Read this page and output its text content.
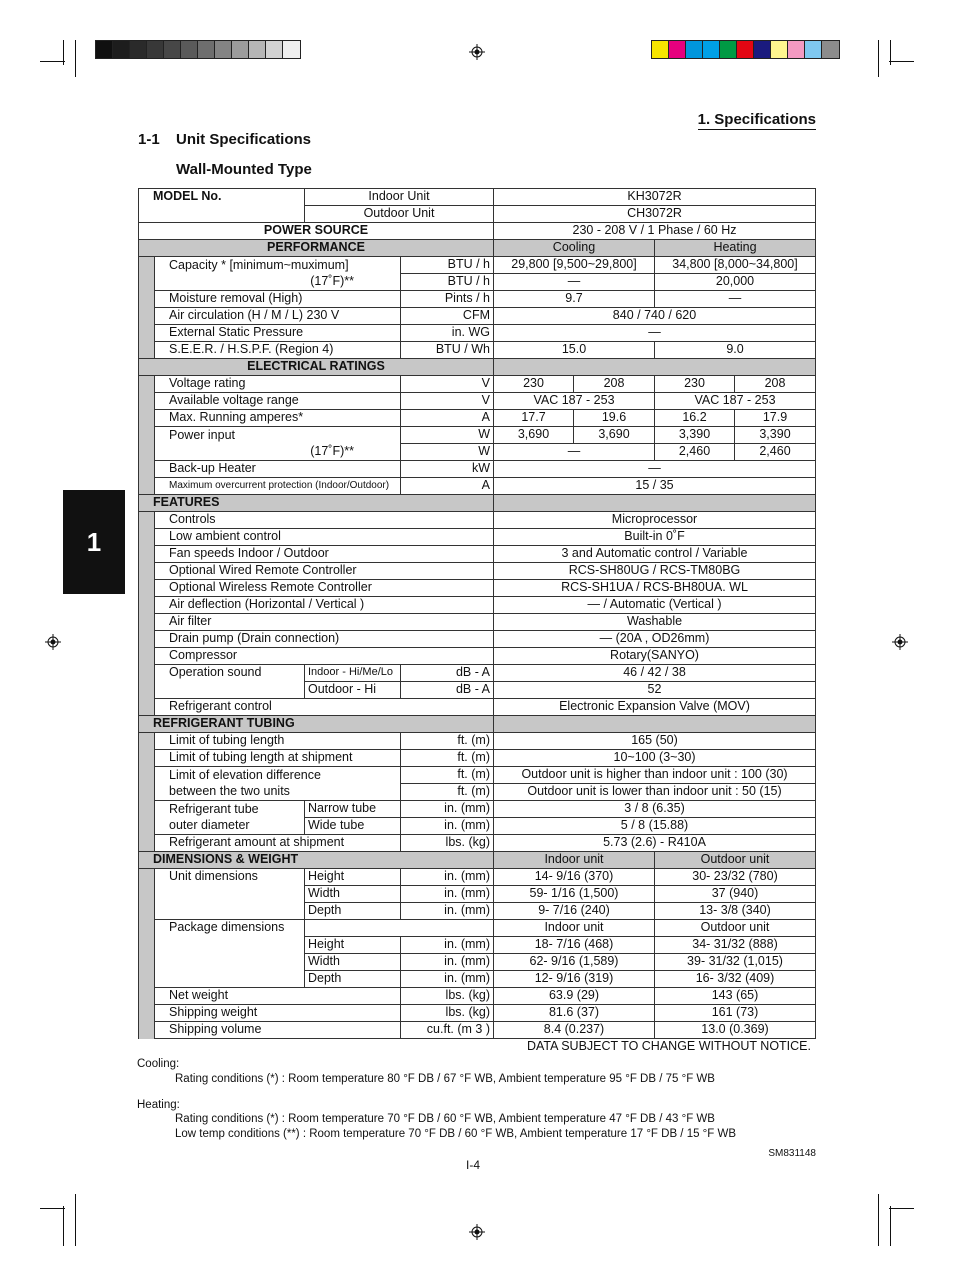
1. Specifications
1-1 Unit Specifications
Wall-Mounted Type
1
MODEL No.		Indoor Unit		KH3072R			
		Outdoor Unit		CH3072R			
POWER SOURCE				230 - 208 V / 1 Phase / 60 Hz			
PERFORMANCE				Cooling		Heating	
	Capacity * [minimum~muximum]		BTU / h	29,800 [9,500~29,800]		34,800 [8,000~34,800]	
	(17˚F)**		BTU / h	—		20,000	
	Moisture removal (High)		Pints / h	9.7		—	
	Air circulation (H / M / L) 230 V		CFM	840 / 740 / 620			
	External Static Pressure		in. WG	—			
	S.E.E.R. / H.S.P.F. (Region 4)		BTU / Wh	15.0		9.0	
ELECTRICAL RATINGS							
	Voltage rating		V	230	208	230	208
	Available voltage range		V	VAC 187 - 253		VAC 187 - 253	
	Max. Running amperes*		A	17.7	19.6	16.2	17.9
	Power input		W	3,690	3,690	3,390	3,390
	(17˚F)**		W	—		2,460	2,460
	Back-up Heater		kW	—			
	Maximum overcurrent protection (Indoor/Outdoor)		A	15 / 35			
FEATURES							
	Controls			Microprocessor			
	Low ambient control			Built-in 0˚F			
	Fan speeds Indoor / Outdoor			3 and Automatic control / Variable			
	Optional Wired Remote Controller			RCS-SH80UG / RCS-TM80BG			
	Optional Wireless Remote Controller			RCS-SH1UA / RCS-BH80UA. WL			
	Air deflection (Horizontal / Vertical )			— / Automatic (Vertical )			
	Air filter			Washable			
	Drain pump (Drain connection)			— (20A , OD26mm)			
	Compressor			Rotary(SANYO)			
	Operation sound	Indoor - Hi/Me/Lo	dB - A	46 / 42 / 38			
		Outdoor - Hi	dB - A	52			
	Refrigerant control			Electronic Expansion Valve (MOV)			
REFRIGERANT TUBING							
	Limit of tubing length		ft. (m)	165 (50)			
	Limit of tubing length at shipment		ft. (m)	10~100 (3~30)			
	Limit of elevation difference		ft. (m)	Outdoor unit is higher than indoor unit : 100 (30)			
	between the two units		ft. (m)	Outdoor unit is lower than indoor unit : 50 (15)			
	Refrigerant tube	Narrow tube	in. (mm)	3 / 8 (6.35)			
	outer diameter	Wide tube	in. (mm)	5 / 8 (15.88)			
	Refrigerant amount at shipment		lbs. (kg)	5.73 (2.6) - R410A			
DIMENSIONS & WEIGHT				Indoor unit		Outdoor unit	
	Unit dimensions	Height	in. (mm)	14- 9/16 (370)		30- 23/32 (780)	
		Width	in. (mm)	59- 1/16 (1,500)		37 (940)	
		Depth	in. (mm)	9- 7/16 (240)		13- 3/8 (340)	
	Package dimensions			Indoor unit		Outdoor unit	
		Height	in. (mm)	18- 7/16 (468)		34- 31/32 (888)	
		Width	in. (mm)	62- 9/16 (1,589)		39- 31/32 (1,015)	
		Depth	in. (mm)	12- 9/16 (319)		16- 3/32 (409)	
	Net weight		lbs. (kg)	63.9 (29)		143 (65)	
	Shipping weight		lbs. (kg)	81.6 (37)		161 (73)	
	Shipping volume		cu.ft. (m 3 )	8.4 (0.237)		13.0 (0.369)	
DATA SUBJECT TO CHANGE WITHOUT NOTICE.
Cooling:
Rating conditions (*) : Room temperature 80 °F DB / 67 °F WB, Ambient temperature 95 °F DB / 75 °F WB
Heating:
Rating conditions (*) : Room temperature 70 °F DB / 60 °F WB, Ambient temperature 47 °F DB / 43 °F WB
Low temp conditions (**) : Room temperature 70 °F DB / 60 °F WB, Ambient temperature 17 °F DB / 15 °F WB
SM831148
I-4
